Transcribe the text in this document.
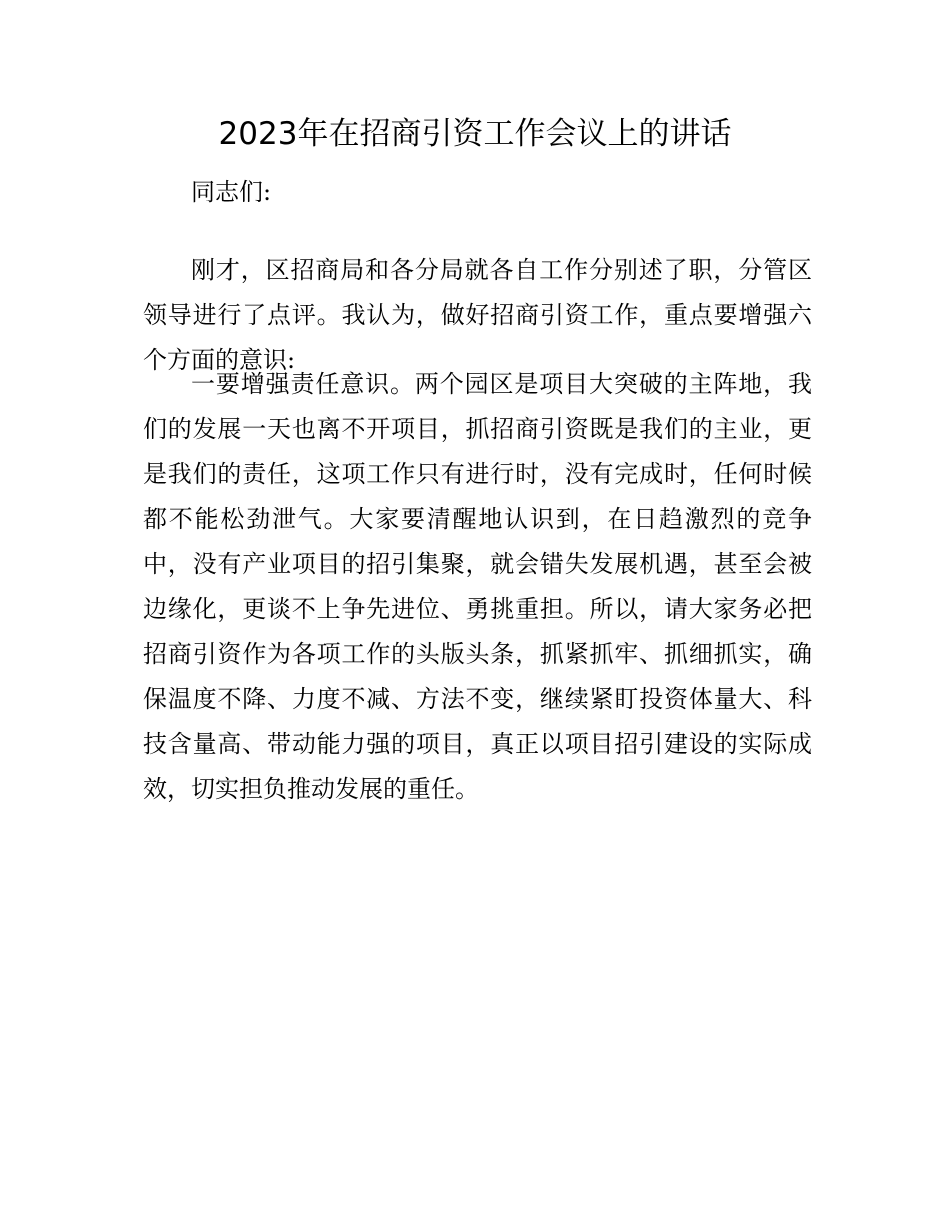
2023年在招商引资工作会议上的讲话

同志们:

刚才，区招商局和各分局就各自工作分别述了职，分管区领导进行了点评。我认为，做好招商引资工作，重点要增强六个方面的意识:

一要增强责任意识。两个园区是项目大突破的主阵地，我们的发展一天也离不开项目，抓招商引资既是我们的主业，更是我们的责任，这项工作只有进行时，没有完成时，任何时候都不能松劲泄气。大家要清醒地认识到，在日趋激烈的竞争中，没有产业项目的招引集聚，就会错失发展机遇，甚至会被边缘化，更谈不上争先进位、勇挑重担。所以，请大家务必把招商引资作为各项工作的头版头条，抓紧抓牢、抓细抓实，确保温度不降、力度不减、方法不变，继续紧盯投资体量大、科技含量高、带动能力强的项目，真正以项目招引建设的实际成效，切实担负推动发展的重任。
